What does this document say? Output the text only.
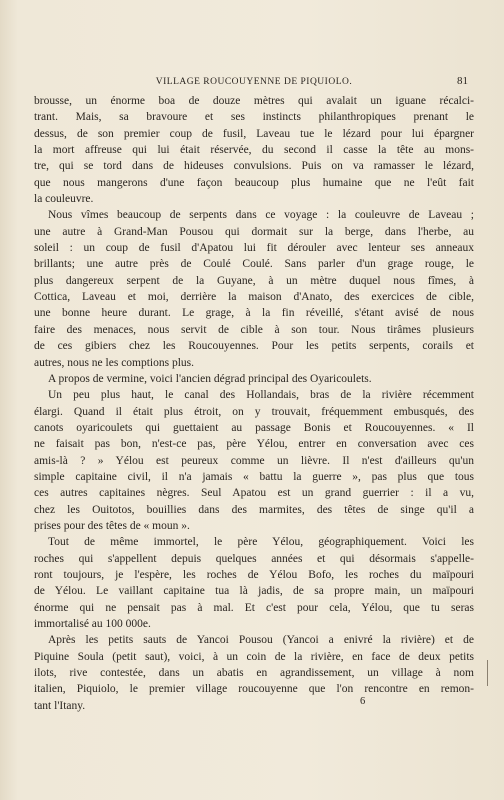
VILLAGE ROUCOUYENNE DE PIQUIOLO.	81
brousse, un énorme boa de douze mètres qui avalait un iguane récalci-
trant. Mais, sa bravoure et ses instincts philanthropiques prenant le
dessus, de son premier coup de fusil, Laveau tue le lézard pour lui épargner
la mort affreuse qui lui était réservée, du second il casse la tête au mons-
tre, qui se tord dans de hideuses convulsions. Puis on va ramasser le lézard,
que nous mangerons d'une façon beaucoup plus humaine que ne l'eût fait
la couleuvre.
Nous vîmes beaucoup de serpents dans ce voyage : la couleuvre de Laveau ;
une autre à Grand-Man Pousou qui dormait sur la berge, dans l'herbe, au
soleil : un coup de fusil d'Apatou lui fit dérouler avec lenteur ses anneaux
brillants; une autre près de Coulé Coulé. Sans parler d'un grage rouge, le
plus dangereux serpent de la Guyane, à un mètre duquel nous fîmes, à
Cottica, Laveau et moi, derrière la maison d'Anato, des exercices de cible,
une bonne heure durant. Le grage, à la fin réveillé, s'étant avisé de nous
faire des menaces, nous servit de cible à son tour. Nous tirâmes plusieurs
de ces gibiers chez les Roucouyennes. Pour les petits serpents, corails et
autres, nous ne les comptions plus.
A propos de vermine, voici l'ancien dégrad principal des Oyaricoulets.
Un peu plus haut, le canal des Hollandais, bras de la rivière récemment
élargi. Quand il était plus étroit, on y trouvait, fréquemment embusqués, des
canots oyaricoulets qui guettaient au passage Bonis et Roucouyennes. « Il
ne faisait pas bon, n'est-ce pas, père Yélou, entrer en conversation avec ces
amis-là ? » Yélou est peureux comme un lièvre. Il n'est d'ailleurs qu'un
simple capitaine civil, il n'a jamais « battu la guerre », pas plus que tous
ces autres capitaines nègres. Seul Apatou est un grand guerrier : il a vu,
chez les Ouitotos, bouillies dans des marmites, des têtes de singe qu'il a
prises pour des têtes de « moun ».
Tout de même immortel, le père Yélou, géographiquement. Voici les
roches qui s'appellent depuis quelques années et qui désormais s'appelle-
ront toujours, je l'espère, les roches de Yélou Bofo, les roches du maïpouri
de Yélou. Le vaillant capitaine tua là jadis, de sa propre main, un maïpouri
énorme qui ne pensait pas à mal. Et c'est pour cela, Yélou, que tu seras
immortalisé au 100 000e.
Après les petits sauts de Yancoi Pousou (Yancoi a enivré la rivière) et de
Piquine Soula (petit saut), voici, à un coin de la rivière, en face de deux petits
ilots, rive contestée, dans un abatis en agrandissement, un village à nom
italien, Piquiolo, le premier village roucouyenne que l'on rencontre en remon-
tant l'Itany.	6
